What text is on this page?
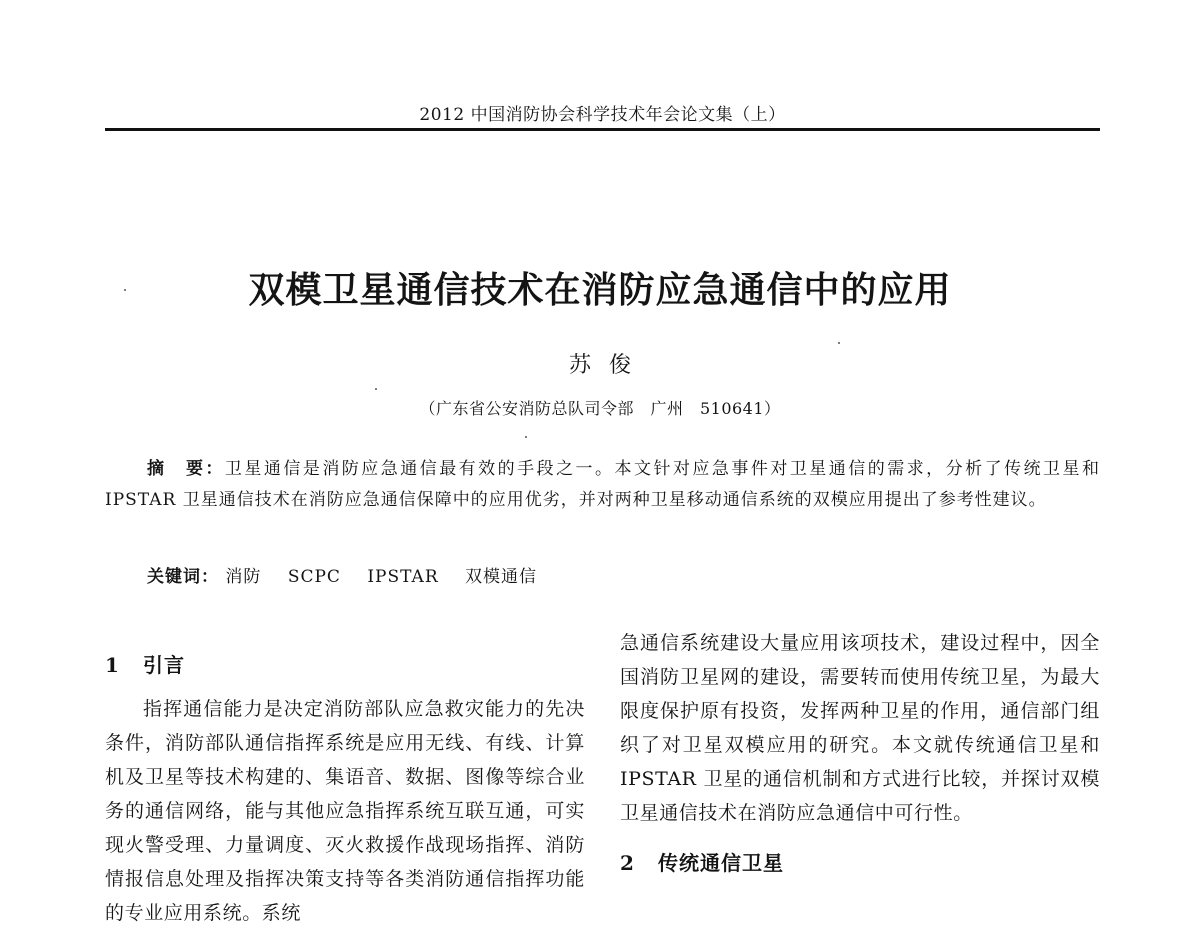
2012 中国消防协会科学技术年会论文集（上）
双模卫星通信技术在消防应急通信中的应用
苏俊
（广东省公安消防总队司令部　广州　510641）
摘　要：卫星通信是消防应急通信最有效的手段之一。本文针对应急事件对卫星通信的需求，分析了传统卫星和 IPSTAR 卫星通信技术在消防应急通信保障中的应用优劣，并对两种卫星移动通信系统的双模应用提出了参考性建议。
关键词： 消防 SCPC IPSTAR 双模通信
1 引言

指挥通信能力是决定消防部队应急救灾能力的先决条件，消防部队通信指挥系统是应用无线、有线、计算机及卫星等技术构建的、集语音、数据、图像等综合业务的通信网络，能与其他应急指挥系统互联互通，可实现火警受理、力量调度、灭火救援作战现场指挥、消防情报信息处理及指挥决策支持等各类消防通信指挥功能的专业应用系统。系统

急通信系统建设大量应用该项技术，建设过程中，因全国消防卫星网的建设，需要转而使用传统卫星，为最大限度保护原有投资，发挥两种卫星的作用，通信部门组织了对卫星双模应用的研究。本文就传统通信卫星和 IPSTAR 卫星的通信机制和方式进行比较，并探讨双模卫星通信技术在消防应急通信中可行性。

2 传统通信卫星
